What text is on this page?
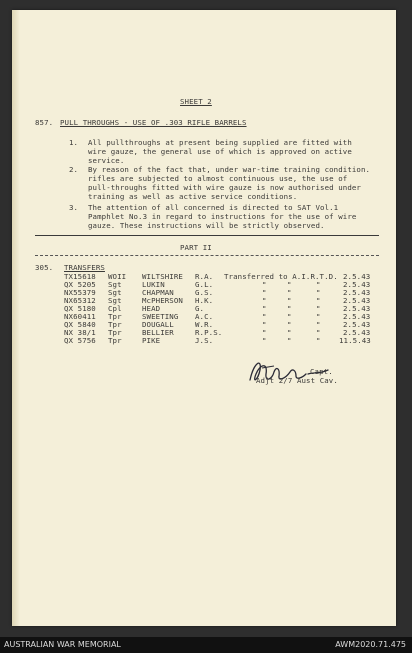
SHEET 2
857. PULL THROUGHS - USE OF .303 RIFLE BARRELS
1. All pullthroughs at present being supplied are fitted with
wire gauze, the general use of which is approved on active
service.
2. By reason of the fact that, under war-time training condition.
rifles are subjected to almost continuous use, the use of
pull-throughs fitted with wire gauze is now authorised under
training as well as active service conditions.
3. The attention of all concerned is directed to SAT Vol.1
Pamphlet No.3 in regard to instructions for the use of wire
gauze. These instructions will be strictly observed.
PART II
305. TRANSFERS
TX15618 WOII WILTSHIRE R.A. Transferred to A.I.R.T.D. 2.5.43
QX 5205 Sgt	LUKIN	G.L.	"	"	"	2.5.43
NX55379 Sgt	CHAPMAN	G.S.	"	"	"	2.5.43
NX65312 Sgt	McPHERSON H.K.	"	"	"	2.5.43
QX 5180 Cpl	HEAD	G.	"	"	"	2.5.43
NX60411 Tpr	SWEETING A.C.	"	"	"	2.5.43
QX 5840 Tpr	DOUGALL	W.R.	"	"	"	2.5.43
NX 38/1 Tpr	BELLIER	R.P.S.	"	"	"	2.5.43
QX 5756 Tpr	PIKE	J.S.	"	"	" 11.5.43
Capt.
Adjt 2/7 Aust Cav.
AUSTRALIAN WAR MEMORIAL	AWM2020.71.475
